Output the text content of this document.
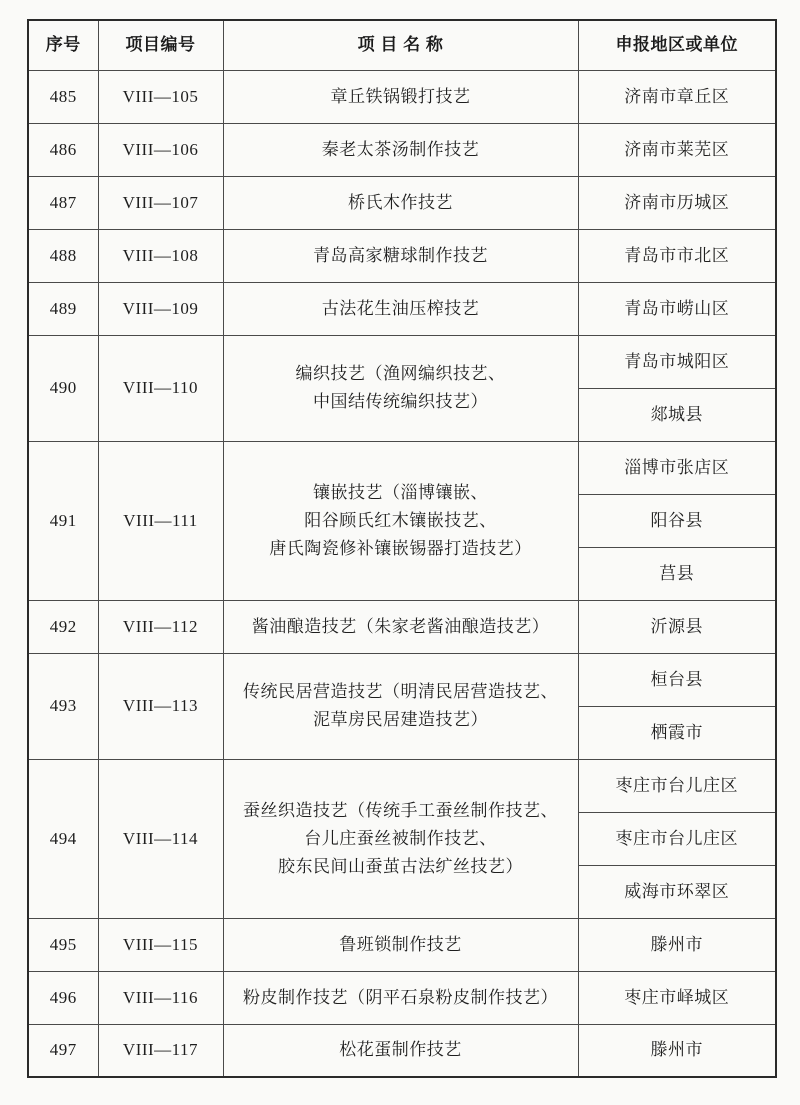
序号	项目编号	项 目 名 称	申报地区或单位
485	VIII—105	章丘铁锅锻打技艺	济南市章丘区
486	VIII—106	秦老太茶汤制作技艺	济南市莱芜区
487	VIII—107	桥氏木作技艺	济南市历城区
488	VIII—108	青岛高家糖球制作技艺	青岛市市北区
489	VIII—109	古法花生油压榨技艺	青岛市崂山区
490	VIII—110	编织技艺（渔网编织技艺、
中国结传统编织技艺）	青岛市城阳区
			郯城县
491	VIII—111	镶嵌技艺（淄博镶嵌、
阳谷顾氏红木镶嵌技艺、
唐氏陶瓷修补镶嵌锡器打造技艺）	淄博市张店区
			阳谷县
			莒县
492	VIII—112	酱油酿造技艺（朱家老酱油酿造技艺）	沂源县
493	VIII—113	传统民居营造技艺（明清民居营造技艺、
泥草房民居建造技艺）	桓台县
			栖霞市
494	VIII—114	蚕丝织造技艺（传统手工蚕丝制作技艺、
台儿庄蚕丝被制作技艺、
胶东民间山蚕茧古法纩丝技艺）	枣庄市台儿庄区
			枣庄市台儿庄区
			威海市环翠区
495	VIII—115	鲁班锁制作技艺	滕州市
496	VIII—116	粉皮制作技艺（阴平石泉粉皮制作技艺）	枣庄市峄城区
497	VIII—117	松花蛋制作技艺	滕州市
